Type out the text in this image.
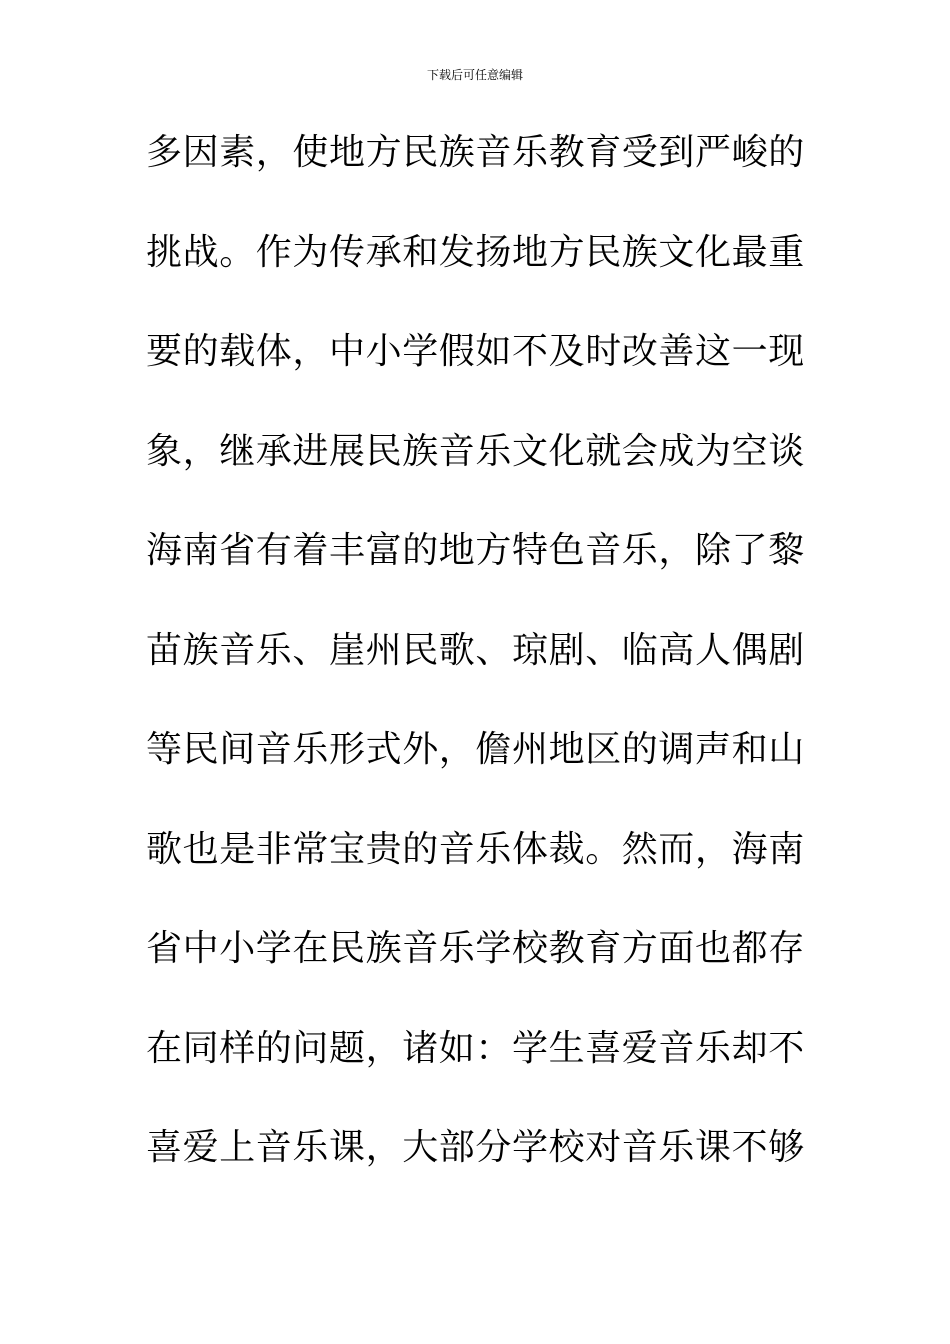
下载后可任意编辑
多因素，使地方民族音乐教育受到严峻的
挑战。作为传承和发扬地方民族文化最重
要的载体，中小学假如不及时改善这一现
象，继承进展民族音乐文化就会成为空谈
海南省有着丰富的地方特色音乐，除了黎
苗族音乐、崖州民歌、琼剧、临高人偶剧
等民间音乐形式外，儋州地区的调声和山
歌也是非常宝贵的音乐体裁。然而，海南
省中小学在民族音乐学校教育方面也都存
在同样的问题，诸如：学生喜爱音乐却不
喜爱上音乐课，大部分学校对音乐课不够
